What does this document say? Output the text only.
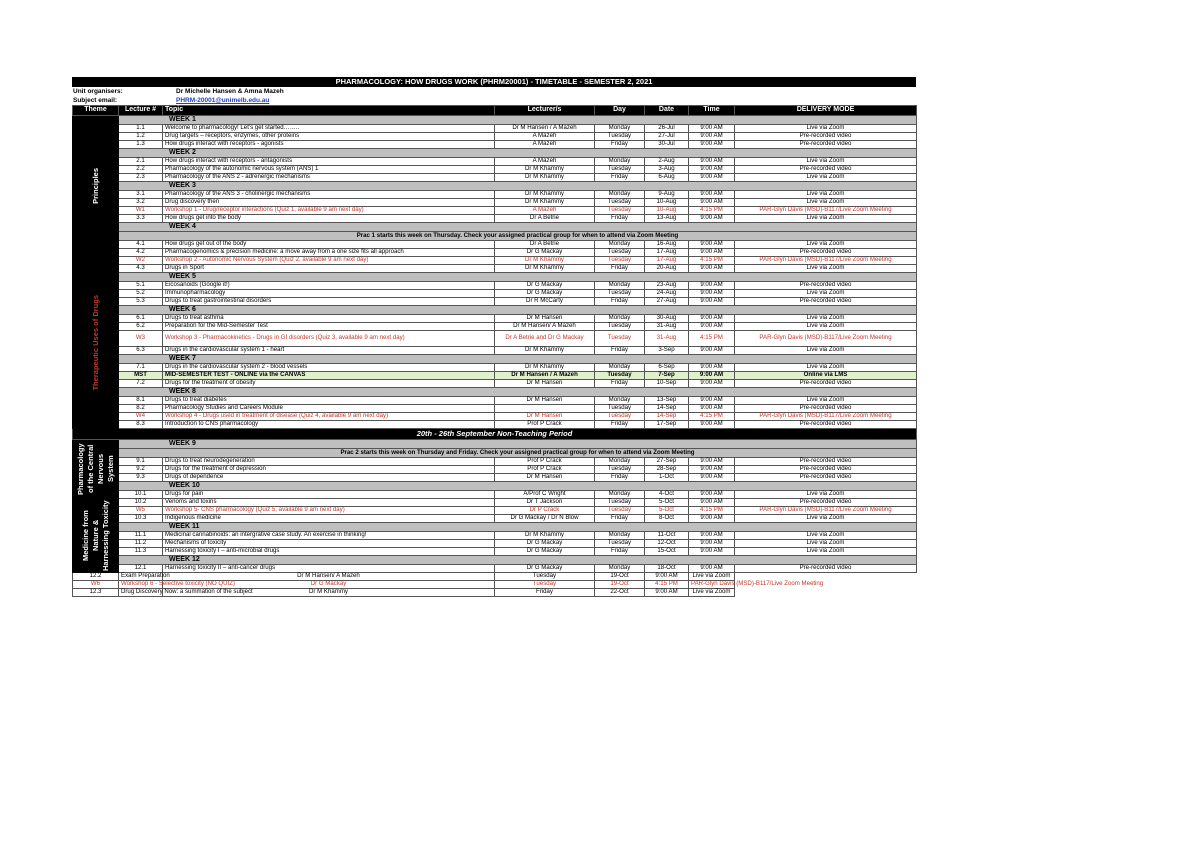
PHARMACOLOGY: HOW DRUGS WORK (PHRM20001) - TIMETABLE - SEMESTER 2, 2021
Unit organisers:	Dr Michelle Hansen & Amna Mazeh
Subject email:	PHRM-20001@unimelb.edu.au
Theme	Lecture #	Topic	Lecturer/s	Day	Date	Time	DELIVERY MODE

Principles	WEEK 1						
	1.1	Welcome to pharmacology! Let’s get started……..	Dr M Hansen / A Mazeh	Monday	26-Jul	9:00 AM	Live via Zoom
	1.2	Drug targets – receptors, enzymes, other proteins	A Mazeh	Tuesday	27-Jul	9:00 AM	Pre-recorded video
	1.3	How drugs interact with receptors - agonists	A Mazeh	Friday	30-Jul	9:00 AM	Pre-recorded video
	WEEK 2						
	2.1	How drugs interact with receptors - antagonists	A Mazeh	Monday	2-Aug	9:00 AM	Live via Zoom
	2.2	Pharmacology of the autonomic nervous system (ANS) 1	Dr M Khammy	Tuesday	3-Aug	9:00 AM	Pre-recorded video
	2.3	Pharmacology of the ANS 2 - adrenergic mechanisms	Dr M Khammy	Friday	6-Aug	9:00 AM	Live via Zoom
	WEEK 3						
	3.1	Pharmacology of the ANS 3 - cholinergic mechanisms	Dr M Khammy	Monday	9-Aug	9:00 AM	Live via Zoom
	3.2	Drug discovery then	Dr M Khammy	Tuesday	10-Aug	9:00 AM	Live via Zoom
	W1	Workshop 1 - Drug/receptor interactions (Quiz 1, available 9 am next day)	A Mazeh	Tuesday	10-Aug	4:15 PM	PAR-Glyn Davis (MSD)-B117/Live Zoom Meeting
	3.3	How drugs get into the body	Dr A Betrie	Friday	13-Aug	9:00 AM	Live via Zoom
	WEEK 4						
	Prac 1 starts this week on Thursday. Check your assigned practical group for when to attend via Zoom Meeting						
	4.1	How drugs get out of the body	Dr A Betrie	Monday	16-Aug	9:00 AM	Live via Zoom
	4.2	Pharmacogenomics & precision medicine: a move away from a one size fits all approach	Dr G Mackay	Tuesday	17-Aug	9:00 AM	Pre-recorded video

Therapeutic Uses of Drugs	W2	Workshop 2 - Autonomic Nervous System (Quiz 2, available 9 am next day)	Dr M Khammy	Tuesday	17-Aug	4:15 PM	PAR-Glyn Davis (MSD)-B117/Live Zoom Meeting
	4.3	Drugs in Sport	Dr M Khammy	Friday	20-Aug	9:00 AM	Live via Zoom
	WEEK 5						
	5.1	Eicosanoids (Google it!)	Dr G Mackay	Monday	23-Aug	9:00 AM	Pre-recorded video
	5.2	Immunopharmacology	Dr G Mackay	Tuesday	24-Aug	9:00 AM	Live via Zoom
	5.3	Drugs to treat gastrointestinal disorders	Dr R McCarty	Friday	27-Aug	9:00 AM	Pre-recorded video
	WEEK 6						
	6.1	Drugs to treat asthma	Dr M Hansen	Monday	30-Aug	9:00 AM	Live via Zoom
	6.2	Preparation for the Mid-Semester Test	Dr M Hansen/ A Mazeh	Tuesday	31-Aug	9:00 AM	Live via Zoom
	W3	Workshop 3 - Pharmacokinetics - Drugs in GI disorders (Quiz 3, available 9 am next day)	Dr A Betrie and Dr G Mackay	Tuesday	31-Aug	4:15 PM	PAR-Glyn Davis (MSD)-B117/Live Zoom Meeting
	6.3	Drugs in the cardiovascular system 1 - heart	Dr M Khammy	Friday	3-Sep	9:00 AM	Live via Zoom
	WEEK 7						
	7.1	Drugs in the cardiovascular system 2 - blood vessels	Dr M Khammy	Monday	6-Sep	9:00 AM	Live via Zoom
	MST	MID-SEMESTER TEST - ONLINE via the CANVAS	Dr M Hansen / A Mazeh	Tuesday	7-Sep	9:00 AM	Online via LMS
	7.2	Drugs for the treatment of obesity	Dr M Hansen	Friday	10-Sep	9:00 AM	Pre-recorded video
	WEEK 8						
	8.1	Drugs to treat diabetes	Dr M Hansen	Monday	13-Sep	9:00 AM	Live via Zoom
	8.2	Pharmacology Studies and Careers Module		Tuesday	14-Sep	9:00 AM	Pre-recorded video
	W4	Workshop 4 - Drugs used in treatment of disease (Quiz 4, available 9 am next day)	Dr M Hansen	Tuesday	14-Sep	4:15 PM	PAR-Glyn Davis (MSD)-B117/Live Zoom Meeting
	8.3	Introduction to CNS pharmacology	Prof P Crack	Friday	17-Sep	9:00 AM	Pre-recorded video
20th - 26th September Non-Teaching Period							

Pharmacology of the Central Nervous System	WEEK 9						
	Prac 2 starts this week on Thursday and Friday. Check your assigned practical group for when to attend via Zoom Meeting						
	9.1	Drugs to treat neurodegeneration	Prof P Crack	Monday	27-Sep	9:00 AM	Pre-recorded video
	9.2	Drugs for the treatment of depression	Prof P Crack	Tuesday	28-Sep	9:00 AM	Pre-recorded video
	9.3	Drugs of dependence	Dr M Hansen	Friday	1-Oct	9:00 AM	Pre-recorded video
	WEEK 10						
	10.1	Drugs for pain	A/Prof C Wright	Monday	4-Oct	9:00 AM	Live via Zoom

Medicine from Nature & Harnessing Toxicity	10.2	Venoms and toxins	Dr T Jackson	Tuesday	5-Oct	9:00 AM	Pre-recorded video
	W5	Workshop 5- CNS pharmacology (Quiz 5, available 9 am next day)	Dr P Crack	Tuesday	5-Oct	4:15 PM	PAR-Glyn Davis (MSD)-B117/Live Zoom Meeting
	10.3	Indigenous medicine	Dr G Mackay / Dr N Blow	Friday	8-Oct	9:00 AM	Live via Zoom
	WEEK 11						
	11.1	Medicinal cannabinoids: an intergrative case study. An exercise in thinking!	Dr M Khammy	Monday	11-Oct	9:00 AM	Live via Zoom
	11.2	Mechanisms of toxicity	Dr G Mackay	Tuesday	12-Oct	9:00 AM	Live via Zoom
	11.3	Harnessing toxicity I – anti-microbial drugs	Dr G Mackay	Friday	15-Oct	9:00 AM	Live via Zoom
	WEEK 12						
	12.1	Harnessing toxicity II – anti-cancer drugs	Dr G Mackay	Monday	18-Oct	9:00 AM	Pre-recorded video
12.2	Exam Preparation	Dr M Hansen/ A Mazeh	Tuesday	19-Oct	9:00 AM	Live via Zoom	
W6	Workshop 6 - Selective toxicity (NO QUIZ)	Dr G Mackay	Tuesday	19-Oct	4:15 PM	PAR-Glyn Davis (MSD)-B117/Live Zoom Meeting	
12.3	Drug Discovery Now: a summation of the subject	Dr M Khammy	Friday	22-Oct	9:00 AM	Live via Zoom	
